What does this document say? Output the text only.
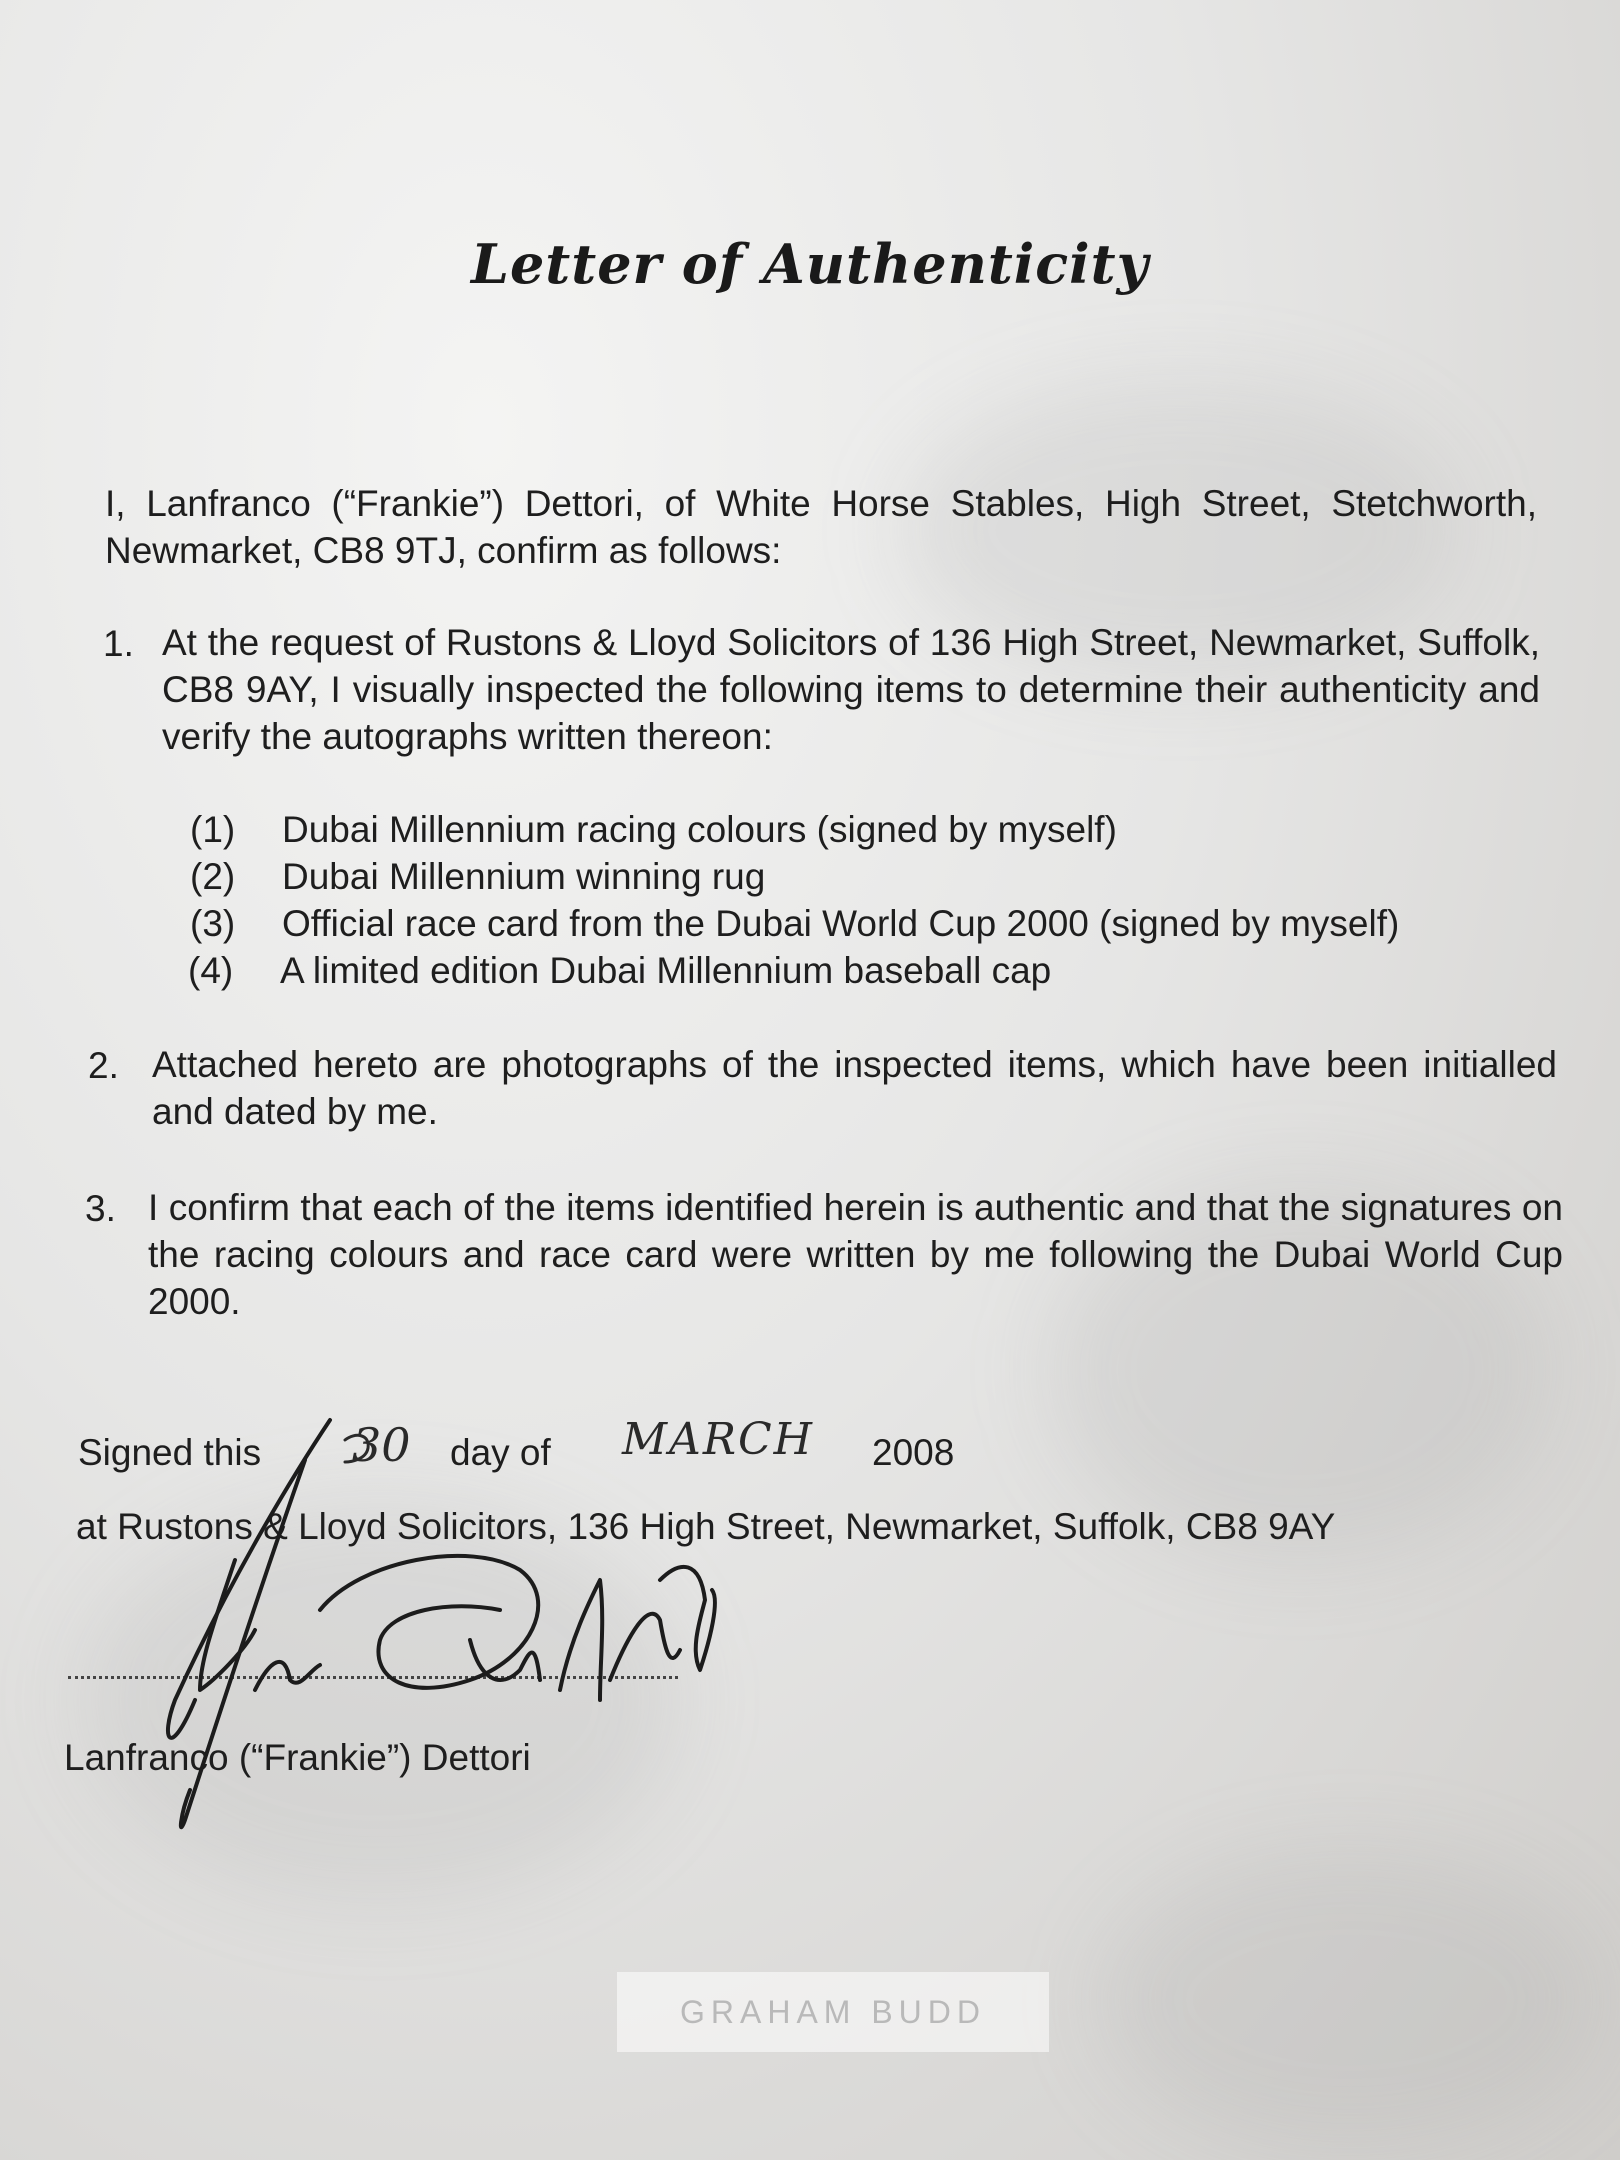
Letter of Authenticity
I, Lanfranco (“Frankie”) Dettori, of White Horse Stables, High Street, Stetchworth, Newmarket, CB8 9TJ, confirm as follows:
1. At the request of Rustons & Lloyd Solicitors of 136 High Street, Newmarket, Suffolk, CB8 9AY, I visually inspected the following items to determine their authenticity and verify the autographs written thereon:
(1) Dubai Millennium racing colours (signed by myself)
(2) Dubai Millennium winning rug
(3) Official race card from the Dubai World Cup 2000 (signed by myself)
(4) A limited edition Dubai Millennium baseball cap
2. Attached hereto are photographs of the inspected items, which have been initialled and dated by me.
3. I confirm that each of the items identified herein is authentic and that the signatures on the racing colours and race card were written by me following the Dubai World Cup 2000.
Signed this 30 day of MARCH 2008
at Rustons & Lloyd Solicitors, 136 High Street, Newmarket, Suffolk, CB8 9AY
Lanfranco (“Frankie”) Dettori
GRAHAM BUDD
